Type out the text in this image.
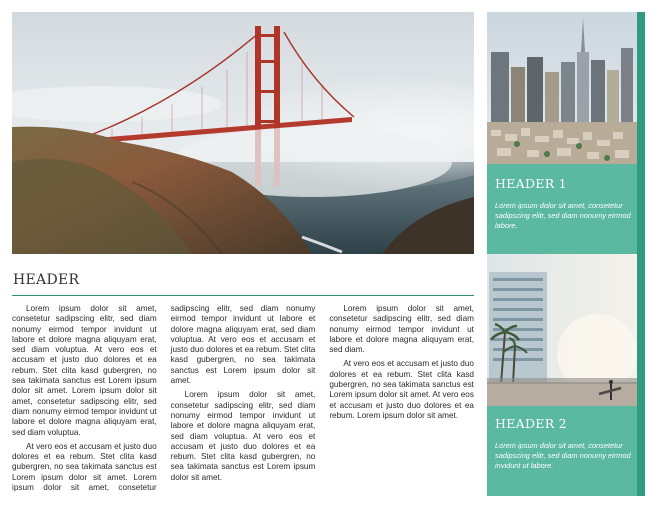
HEADER

Lorem ipsum dolor sit amet, consetetur sadipscing elitr, sed diam nonumy eirmod tempor invidunt ut labore et dolore magna aliquyam erat, sed diam voluptua. At vero eos et accusam et justo duo dolores et ea rebum. Stet clita kasd gubergren, no sea takimata sanctus est Lorem ipsum dolor sit amet. Lorem ipsum dolor sit amet, consetetur sadipscing elitr, sed diam nonumy eirmod tempor invidunt ut labore et dolore magna aliquyam erat, sed diam voluptua.

At vero eos et accusam et justo duo dolores et ea rebum. Stet clita kasd gubergren, no sea takimata sanctus est Lorem ipsum dolor sit amet. Lorem ipsum dolor sit amet, consetetur sadipscing elitr, sed diam nonumy eirmod tempor invidunt ut labore et dolore magna aliquyam erat, sed diam voluptua. At vero eos et accusam et justo duo dolores et ea rebum. Stet clita kasd gubergren, no sea takimata sanctus est Lorem ipsum dolor sit amet.

Lorem ipsum dolor sit amet, consetetur sadipscing elitr, sed diam nonumy eirmod tempor invidunt ut labore et dolore magna aliquyam erat, sed diam voluptua. At vero eos et accusam et justo duo dolores et ea rebum. Stet clita kasd gubergren, no sea takimata sanctus est Lorem ipsum dolor sit amet.

Lorem ipsum dolor sit amet, consetetur sadipscing elitr, sed diam nonumy eirmod tempor invidunt ut labore et dolore magna aliquyam erat, sed diam.

At vero eos et accusam et justo duo dolores et ea rebum. Stet clita kasd gubergren, no sea takimata sanctus est Lorem ipsum dolor sit amet. At vero eos et accusam et justo duo dolores et ea rebum. Lorem ipsum dolor sit amet.

HEADER 1

Lorem ipsum dolor sit amet, consetetur sadipscing elitr, sed diam nonumy eirmod labore.

HEADER 2

Lorem ipsum dolor sit amet, consetetur sadipscing elitr, sed diam nonumy eirmod invidunt ut labore.
